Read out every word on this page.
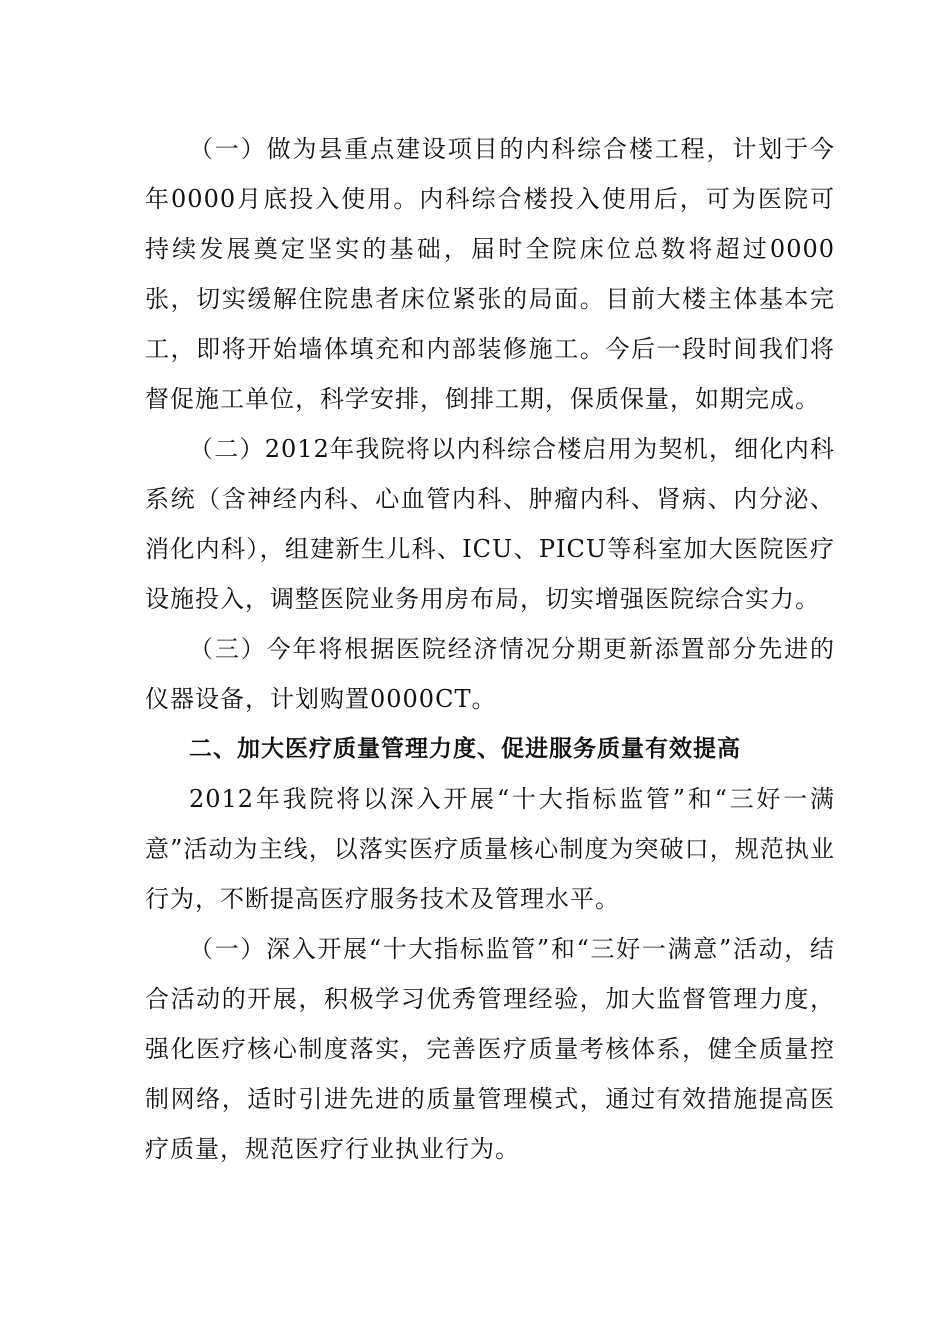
（一）做为县重点建设项目的内科综合楼工程，计划于今年0000月底投入使用。内科综合楼投入使用后，可为医院可持续发展奠定坚实的基础，届时全院床位总数将超过0000张，切实缓解住院患者床位紧张的局面。目前大楼主体基本完工，即将开始墙体填充和内部装修施工。今后一段时间我们将督促施工单位，科学安排，倒排工期，保质保量，如期完成。

（二）2012年我院将以内科综合楼启用为契机，细化内科系统（含神经内科、心血管内科、肿瘤内科、肾病、内分泌、消化内科），组建新生儿科、ICU、PICU等科室加大医院医疗设施投入，调整医院业务用房布局，切实增强医院综合实力。

（三）今年将根据医院经济情况分期更新添置部分先进的仪器设备，计划购置0000CT。

二、加大医疗质量管理力度、促进服务质量有效提高

2012年我院将以深入开展“十大指标监管”和“三好一满意”活动为主线，以落实医疗质量核心制度为突破口，规范执业行为，不断提高医疗服务技术及管理水平。

（一）深入开展“十大指标监管”和“三好一满意”活动，结合活动的开展，积极学习优秀管理经验，加大监督管理力度，强化医疗核心制度落实，完善医疗质量考核体系，健全质量控制网络，适时引进先进的质量管理模式，通过有效措施提高医疗质量，规范医疗行业执业行为。
